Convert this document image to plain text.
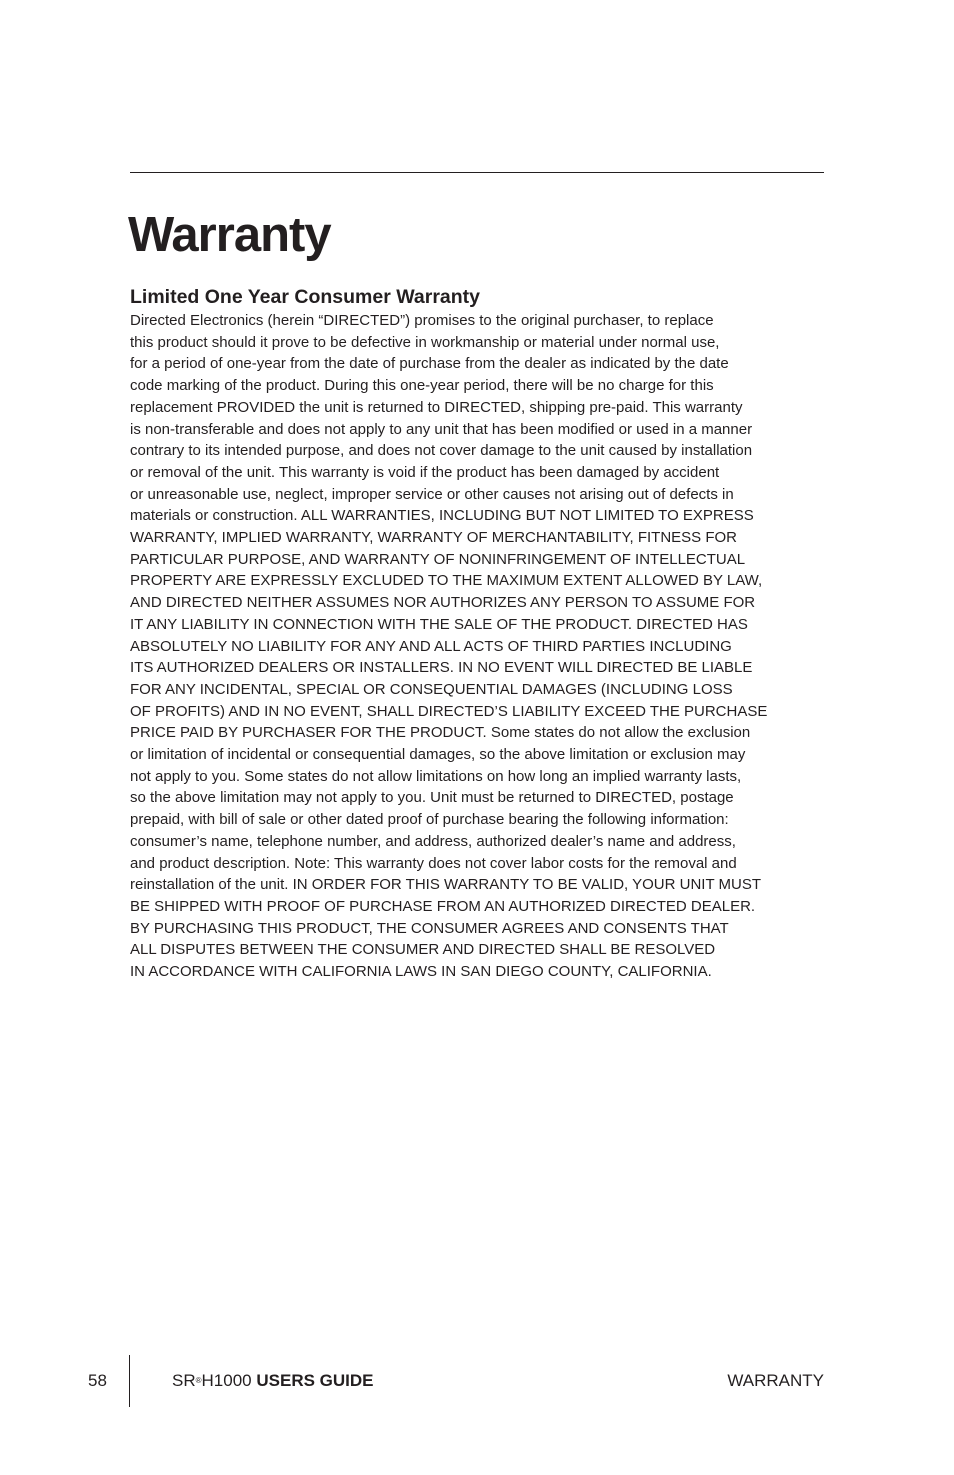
Warranty
Limited One Year Consumer Warranty
Directed Electronics (herein “DIRECTED”) promises to the original purchaser, to replace
this product should it prove to be defective in workmanship or material under normal use,
for a period of one-year from the date of purchase from the dealer as indicated by the date
code marking of the product. During this one-year period, there will be no charge for this
replacement PROVIDED the unit is returned to DIRECTED, shipping pre-paid. This warranty
is non-transferable and does not apply to any unit that has been modified or used in a manner
contrary to its intended purpose, and does not cover damage to the unit caused by installation
or removal of the unit. This warranty is void if the product has been damaged by accident
or unreasonable use, neglect, improper service or other causes not arising out of defects in
materials or construction. ALL WARRANTIES, INCLUDING BUT NOT LIMITED TO EXPRESS
WARRANTY, IMPLIED WARRANTY, WARRANTY OF MERCHANTABILITY, FITNESS FOR
PARTICULAR PURPOSE, AND WARRANTY OF NONINFRINGEMENT OF INTELLECTUAL
PROPERTY ARE EXPRESSLY EXCLUDED TO THE MAXIMUM EXTENT ALLOWED BY LAW,
AND DIRECTED NEITHER ASSUMES NOR AUTHORIZES ANY PERSON TO ASSUME FOR
IT ANY LIABILITY IN CONNECTION WITH THE SALE OF THE PRODUCT. DIRECTED HAS
ABSOLUTELY NO LIABILITY FOR ANY AND ALL ACTS OF THIRD PARTIES INCLUDING
ITS AUTHORIZED DEALERS OR INSTALLERS. IN NO EVENT WILL DIRECTED BE LIABLE
FOR ANY INCIDENTAL, SPECIAL OR CONSEQUENTIAL DAMAGES (INCLUDING LOSS
OF PROFITS) AND IN NO EVENT, SHALL DIRECTED’S LIABILITY EXCEED THE PURCHASE
PRICE PAID BY PURCHASER FOR THE PRODUCT. Some states do not allow the exclusion
or limitation of incidental or consequential damages, so the above limitation or exclusion may
not apply to you. Some states do not allow limitations on how long an implied warranty lasts,
so the above limitation may not apply to you. Unit must be returned to DIRECTED, postage
prepaid, with bill of sale or other dated proof of purchase bearing the following information:
consumer’s name, telephone number, and address, authorized dealer’s name and address,
and product description. Note: This warranty does not cover labor costs for the removal and
reinstallation of the unit. IN ORDER FOR THIS WARRANTY TO BE VALID, YOUR UNIT MUST
BE SHIPPED WITH PROOF OF PURCHASE FROM AN AUTHORIZED DIRECTED DEALER.
BY PURCHASING THIS PRODUCT, THE CONSUMER AGREES AND CONSENTS THAT
ALL DISPUTES BETWEEN THE CONSUMER AND DIRECTED SHALL BE RESOLVED
IN ACCORDANCE WITH CALIFORNIA LAWS IN SAN DIEGO COUNTY, CALIFORNIA.
58	SR®H1000 USERS GUIDE	WARRANTY
